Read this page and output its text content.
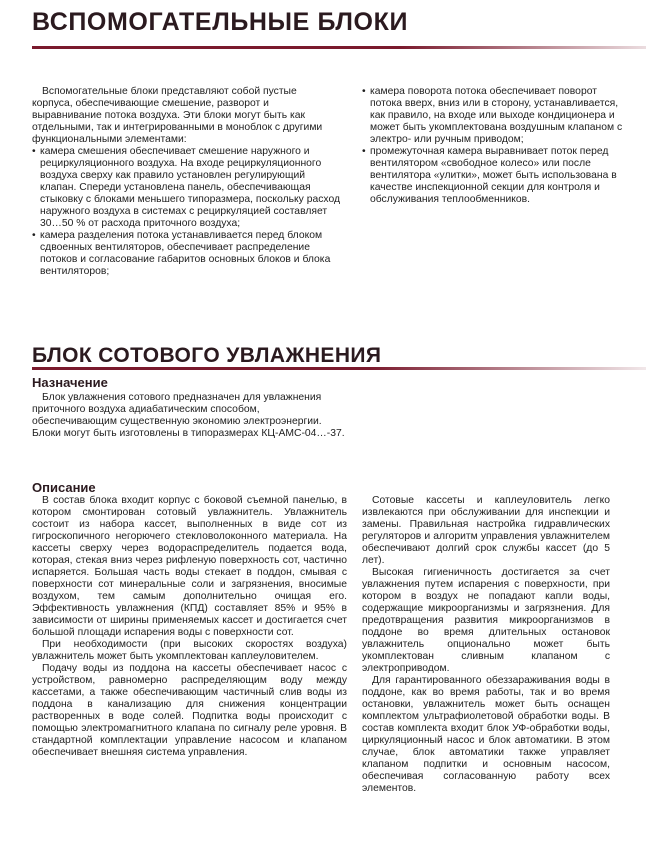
ВСПОМОГАТЕЛЬНЫЕ БЛОКИ

Вспомогательные блоки представляют собой пустые корпуса, обеспечивающие смешение, разворот и выравнивание потока воздуха. Эти блоки могут быть как отдельными, так и интегрированными в моноблок с другими функциональными элементами:

• камера смешения обеспечивает смешение наружного и рециркуляционного воздуха. На входе рециркуляционного воздуха сверху как правило установлен регулирующий клапан. Спереди установлена панель, обеспечивающая стыковку с блоками меньшего типоразмера, поскольку расход наружного воздуха в системах с рециркуляцией составляет 30…50 % от расхода приточного воздуха;

• камера разделения потока устанавливается перед блоком сдвоенных вентиляторов, обеспечивает распределение потоков и согласование габаритов основных блоков и блока вентиляторов;

• камера поворота потока обеспечивает поворот потока вверх, вниз или в сторону, устанавливается, как правило, на входе или выходе кондиционера и может быть укомплектована воздушным клапаном с электро- или ручным приводом;

• промежуточная камера выравнивает поток перед вентилятором «свободное колесо» или после вентилятора «улитки», может быть использована в качестве инспекционной секции для контроля и обслуживания теплообменников.

БЛОК СОТОВОГО УВЛАЖНЕНИЯ
Назначение

Блок увлажнения сотового предназначен для увлажнения приточного воздуха адиабатическим способом, обеспечивающим существенную экономию электроэнергии. Блоки могут быть изготовлены в типоразмерах КЦ-АМС-04…-37.

Описание

В состав блока входит корпус с боковой съемной панелью, в котором смонтирован сотовый увлажнитель. Увлажнитель состоит из набора кассет, выполненных в виде сот из гигроскопичного негорючего стекловолоконного материала. На кассеты сверху через водораспределитель подается вода, которая, стекая вниз через рифленую поверхность сот, частично испаряется. Большая часть воды стекает в поддон, смывая с поверхности сот минеральные соли и загрязнения, вносимые воздухом, тем самым дополнительно очищая его. Эффективность увлажнения (КПД) составляет 85% и 95% в зависимости от ширины применяемых кассет и достигается счет большой площади испарения воды с поверхности сот.

При необходимости (при высоких скоростях воздуха) увлажнитель может быть укомплектован каплеуловителем.

Подачу воды из поддона на кассеты обеспечивает насос с устройством, равномерно распределяющим воду между кассетами, а также обеспечивающим частичный слив воды из поддона в канализацию для снижения концентрации растворенных в воде солей. Подпитка воды происходит с помощью электромагнитного клапана по сигналу реле уровня. В стандартной комплектации управление насосом и клапаном обеспечивает внешняя система управления.

Сотовые кассеты и каплеуловитель легко извлекаются при обслуживании для инспекции и замены. Правильная настройка гидравлических регуляторов и алгоритм управления увлажнителем обеспечивают долгий срок службы кассет (до 5 лет).

Высокая гигиеничность достигается за счет увлажнения путем испарения с поверхности, при котором в воздух не попадают капли воды, содержащие микроорганизмы и загрязнения. Для предотвращения развития микроорганизмов в поддоне во время длительных остановок увлажнитель опционально может быть укомплектован сливным клапаном с электроприводом.

Для гарантированного обеззараживания воды в поддоне, как во время работы, так и во время остановки, увлажнитель может быть оснащен комплектом ультрафиолетовой обработки воды. В состав комплекта входит блок УФ-обработки воды, циркуляционный насос и блок автоматики. В этом случае, блок автоматики также управляет клапаном подпитки и основным насосом, обеспечивая согласованную работу всех элементов.
